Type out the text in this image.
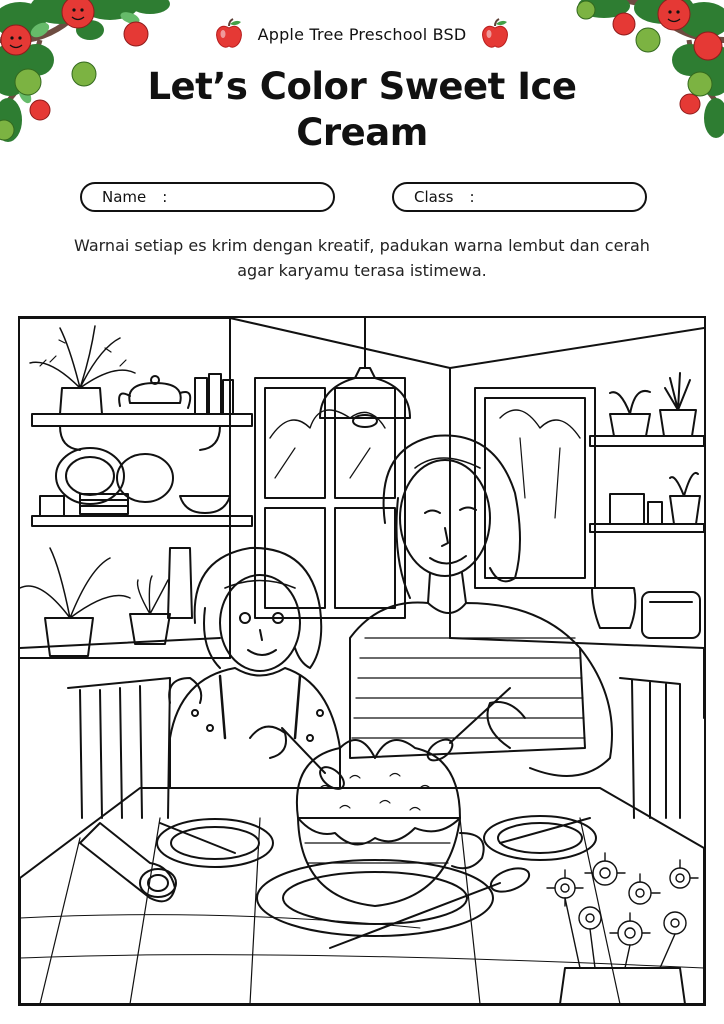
Apple Tree Preschool BSD
Let’s Color Sweet Ice Cream
Name :	Class :
Warnai setiap es krim dengan kreatif, padukan warna lembut dan cerah agar karyamu terasa istimewa.
